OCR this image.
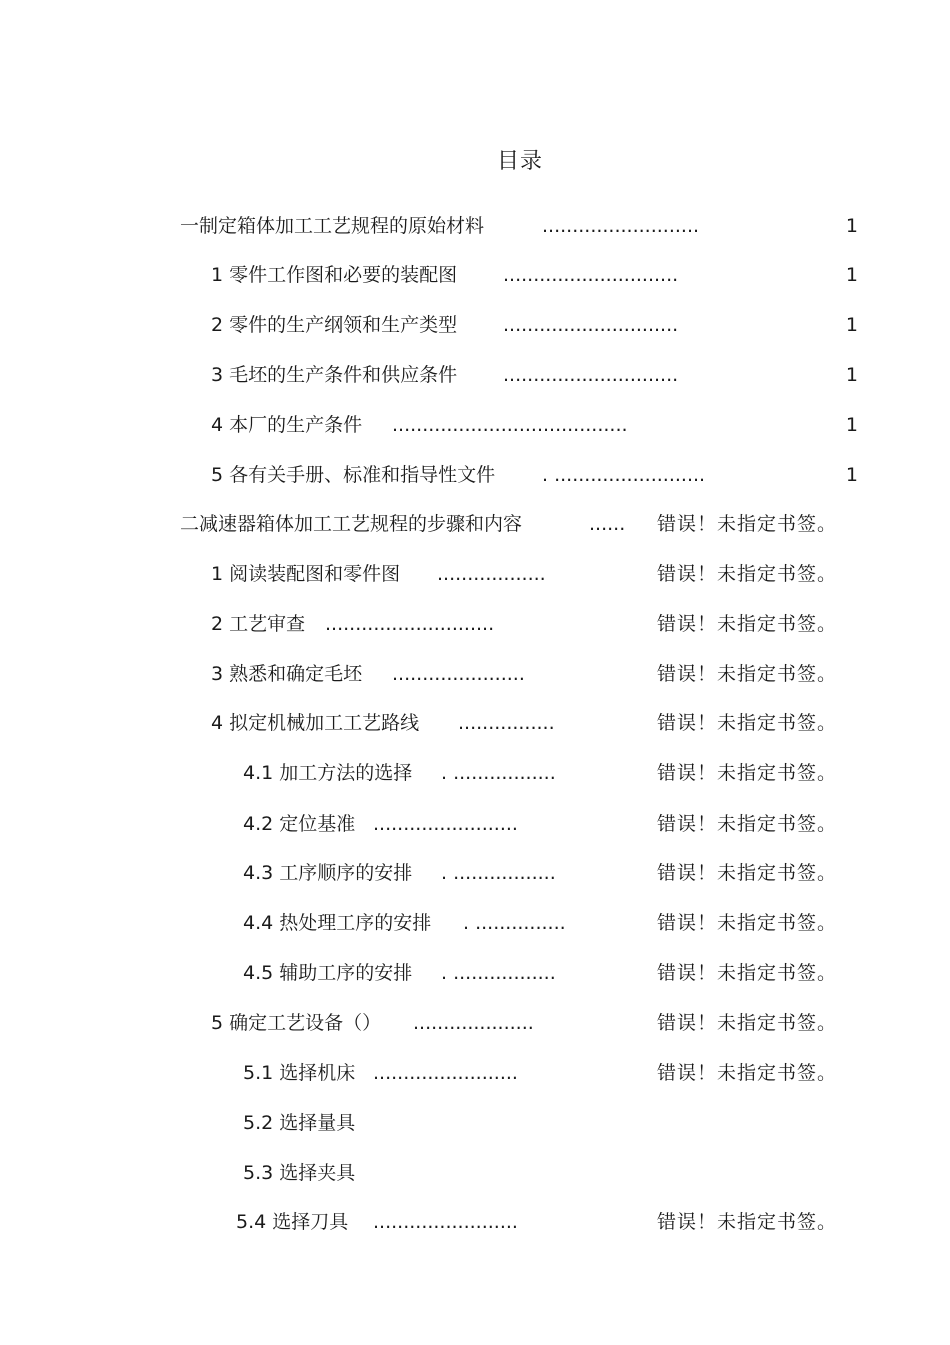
目录
一制定箱体加工工艺规程的原始材料	..........................	1
1 零件工作图和必要的装配图 .............................	1
2 零件的生产纲领和生产类型 .............................	1
3 毛坯的生产条件和供应条件 .............................	1
4 本厂的生产条件 .......................................	1
5 各有关手册、标准和指导性文件 . .........................	1
二减速器箱体加工工艺规程的步骤和内容	...... 错误！未指定书签。
1 阅读装配图和零件图 ..................	错误！未指定书签。
2 工艺审查 ............................	错误！未指定书签。
3 熟悉和确定毛坯 ......................	错误！未指定书签。
4 拟定机械加工工艺路线 ................	错误！未指定书签。
4.1 加工方法的选择 . .................	错误！未指定书签。
4.2 定位基准 ........................	错误！未指定书签。
4.3 工序顺序的安排 . .................	错误！未指定书签。
4.4 热处理工序的安排 . ...............	错误！未指定书签。
4.5 辅助工序的安排 . .................	错误！未指定书签。
5 确定工艺设备（） ....................	错误！未指定书签。
5.1 选择机床 ........................	错误！未指定书签。
5.2 选择量具
5.3 选择夹具
5.4 选择刀具 ........................	错误！未指定书签。
